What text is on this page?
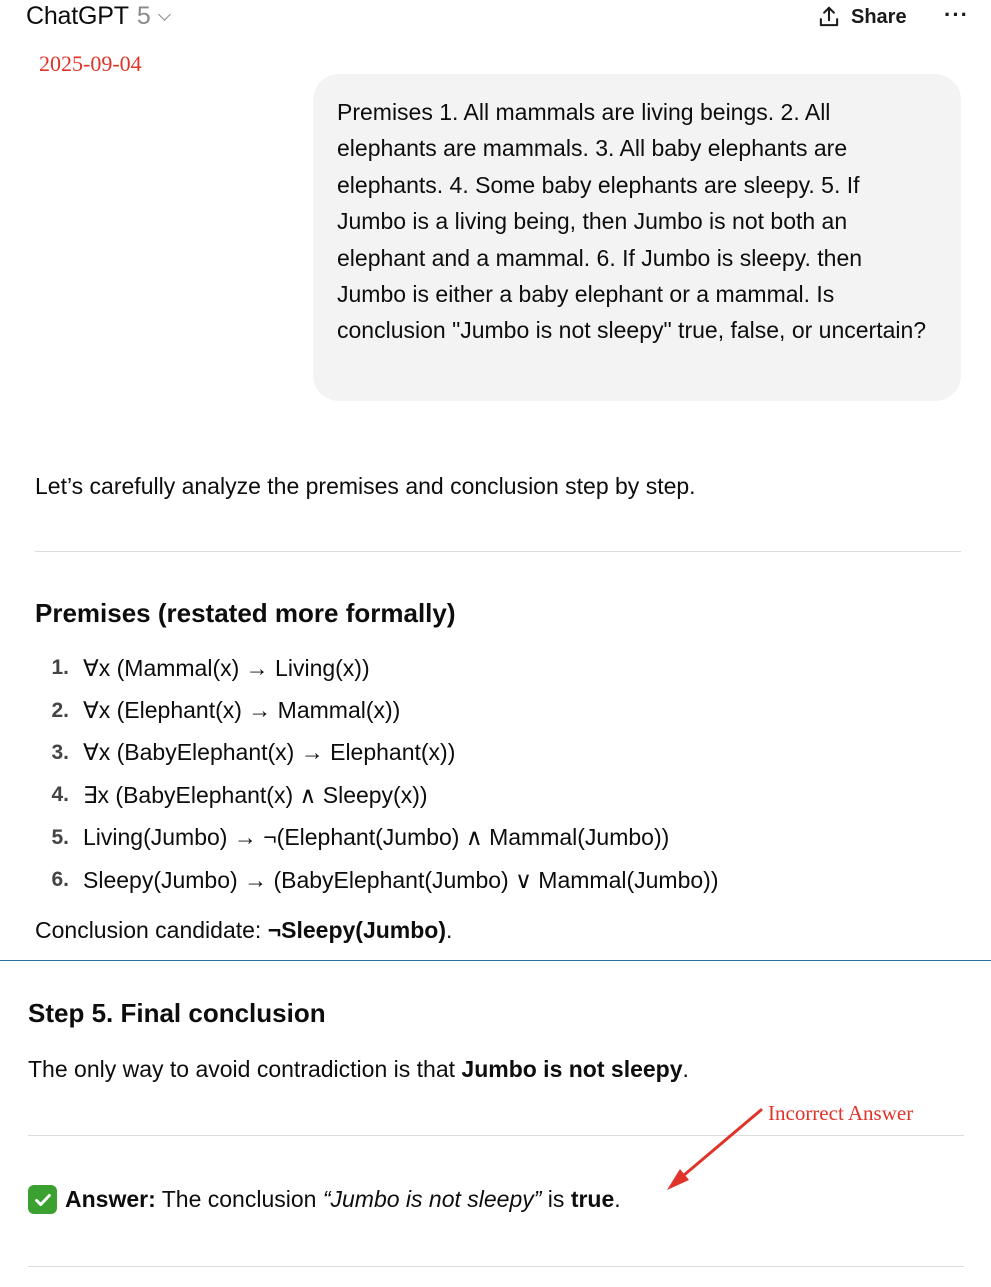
ChatGPT 5	Share ···
2025-09-04
Premises 1. All mammals are living beings. 2. All elephants are mammals. 3. All baby elephants are elephants. 4. Some baby elephants are sleepy. 5. If Jumbo is a living being, then Jumbo is not both an elephant and a mammal. 6. If Jumbo is sleepy. then Jumbo is either a baby elephant or a mammal. Is conclusion "Jumbo is not sleepy" true, false, or uncertain?
Let’s carefully analyze the premises and conclusion step by step.
Premises (restated more formally)
1. ∀x (Mammal(x) → Living(x))
2. ∀x (Elephant(x) → Mammal(x))
3. ∀x (BabyElephant(x) → Elephant(x))
4. ∃x (BabyElephant(x) ∧ Sleepy(x))
5. Living(Jumbo) → ¬(Elephant(Jumbo) ∧ Mammal(Jumbo))
6. Sleepy(Jumbo) → (BabyElephant(Jumbo) ∨ Mammal(Jumbo))
Conclusion candidate: ¬Sleepy(Jumbo).
Step 5. Final conclusion
The only way to avoid contradiction is that Jumbo is not sleepy.
Answer: The conclusion “Jumbo is not sleepy” is true .
Incorrect Answer
